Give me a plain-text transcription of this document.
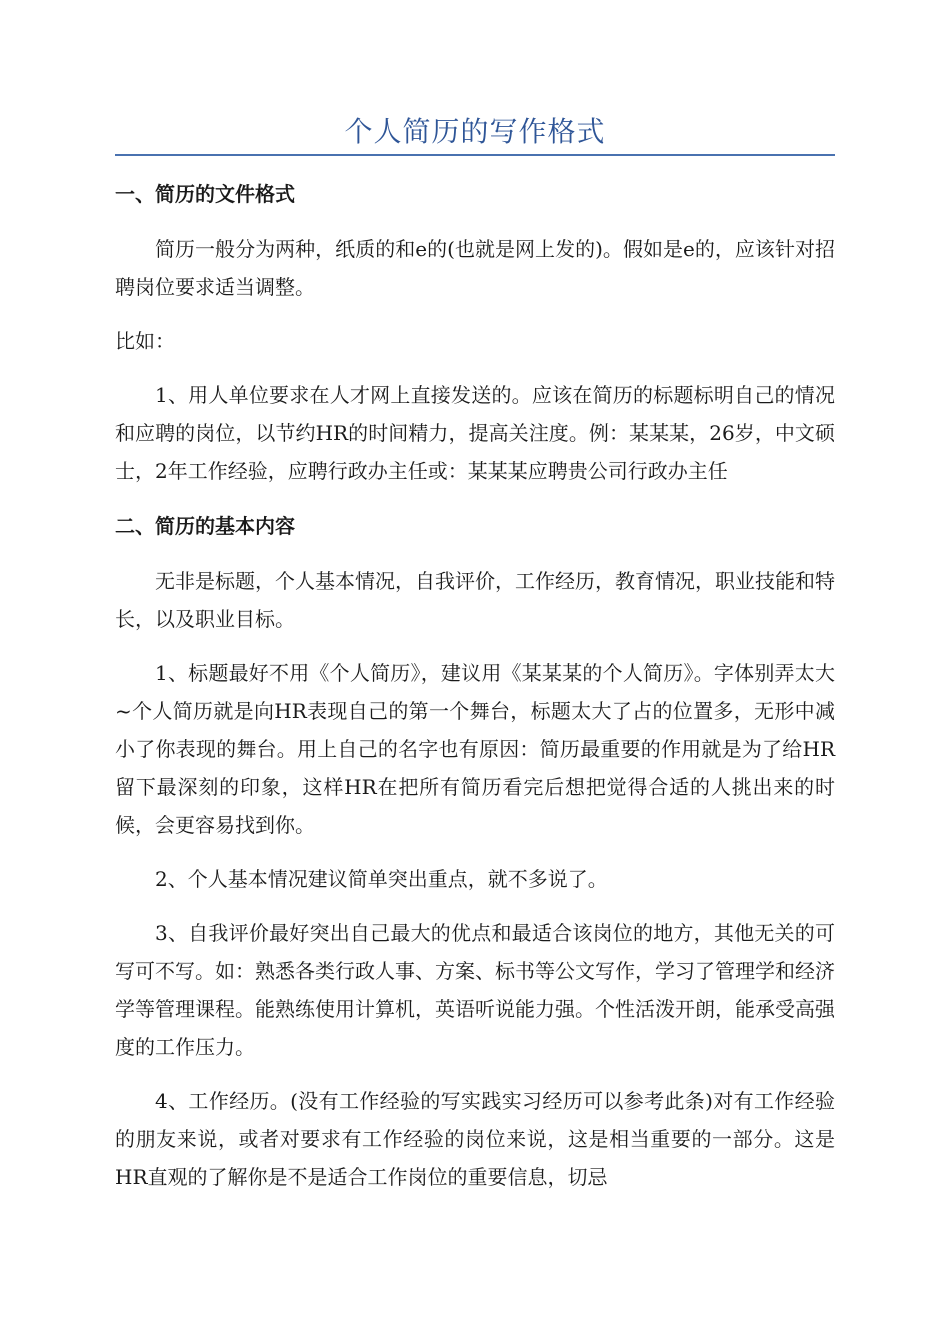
个人简历的写作格式
一、简历的文件格式
简历一般分为两种，纸质的和e的(也就是网上发的)。假如是e的，应该针对招聘岗位要求适当调整。
比如：
1、用人单位要求在人才网上直接发送的。应该在简历的标题标明自己的情况和应聘的岗位，以节约HR的时间精力，提高关注度。例：某某某，26岁，中文硕士，2年工作经验，应聘行政办主任或：某某某应聘贵公司行政办主任
二、简历的基本内容
无非是标题，个人基本情况，自我评价，工作经历，教育情况，职业技能和特长，以及职业目标。
1、标题最好不用《个人简历》，建议用《某某某的个人简历》。字体别弄太大~个人简历就是向HR表现自己的第一个舞台，标题太大了占的位置多，无形中减小了你表现的舞台。用上自己的名字也有原因：简历最重要的作用就是为了给HR留下最深刻的印象，这样HR在把所有简历看完后想把觉得合适的人挑出来的时候，会更容易找到你。
2、个人基本情况建议简单突出重点，就不多说了。
3、自我评价最好突出自己最大的优点和最适合该岗位的地方，其他无关的可写可不写。如：熟悉各类行政人事、方案、标书等公文写作，学习了管理学和经济学等管理课程。能熟练使用计算机，英语听说能力强。个性活泼开朗，能承受高强度的工作压力。
4、工作经历。(没有工作经验的写实践实习经历可以参考此条)对有工作经验的朋友来说，或者对要求有工作经验的岗位来说，这是相当重要的一部分。这是HR直观的了解你是不是适合工作岗位的重要信息，切忌
